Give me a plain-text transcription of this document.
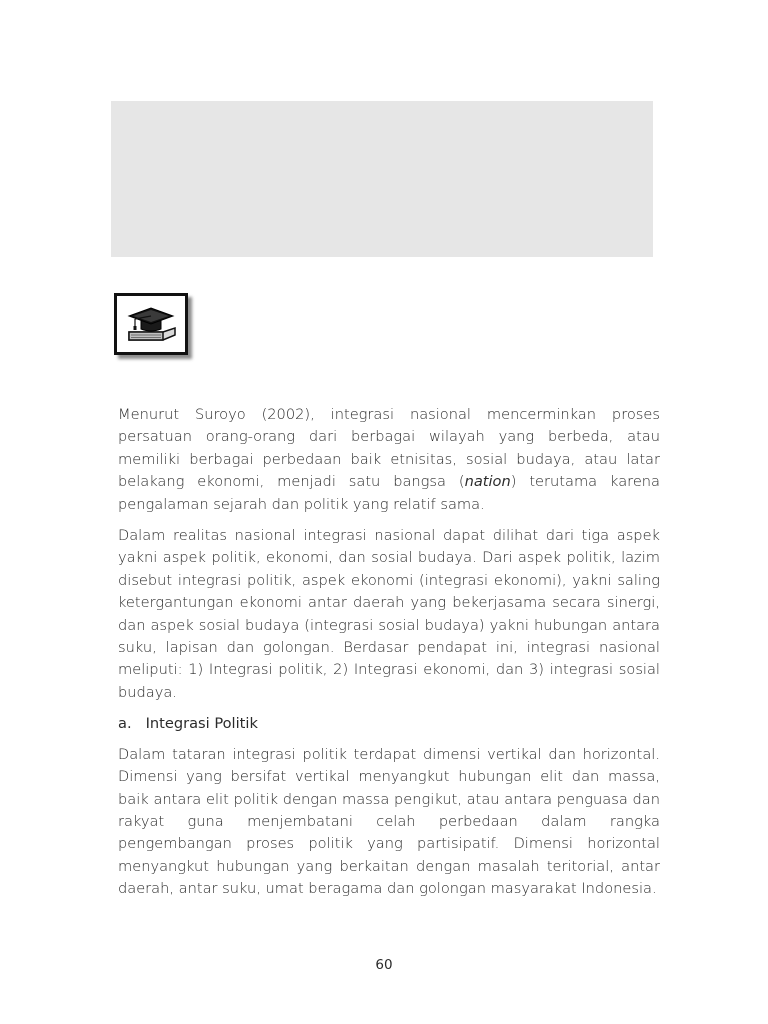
Menurut Suroyo (2002), integrasi nasional mencerminkan proses persatuan orang-orang dari berbagai wilayah yang berbeda, atau memiliki berbagai perbedaan baik etnisitas, sosial budaya, atau latar belakang ekonomi, menjadi satu bangsa (nation) terutama karena pengalaman sejarah dan politik yang relatif sama.

Dalam realitas nasional integrasi nasional dapat dilihat dari tiga aspek yakni aspek politik, ekonomi, dan sosial budaya. Dari aspek politik, lazim disebut integrasi politik, aspek ekonomi (integrasi ekonomi), yakni saling ketergantungan ekonomi antar daerah yang bekerjasama secara sinergi, dan aspek sosial budaya (integrasi sosial budaya) yakni hubungan antara suku, lapisan dan golongan. Berdasar pendapat ini, integrasi nasional meliputi: 1) Integrasi politik, 2) Integrasi ekonomi, dan 3) integrasi sosial budaya.

a. Integrasi Politik

Dalam tataran integrasi politik terdapat dimensi vertikal dan horizontal. Dimensi yang bersifat vertikal menyangkut hubungan elit dan massa, baik antara elit politik dengan massa pengikut, atau antara penguasa dan rakyat guna menjembatani celah perbedaan dalam rangka pengembangan proses politik yang partisipatif. Dimensi horizontal menyangkut hubungan yang berkaitan dengan masalah teritorial, antar daerah, antar suku, umat beragama dan golongan masyarakat Indonesia.

60
